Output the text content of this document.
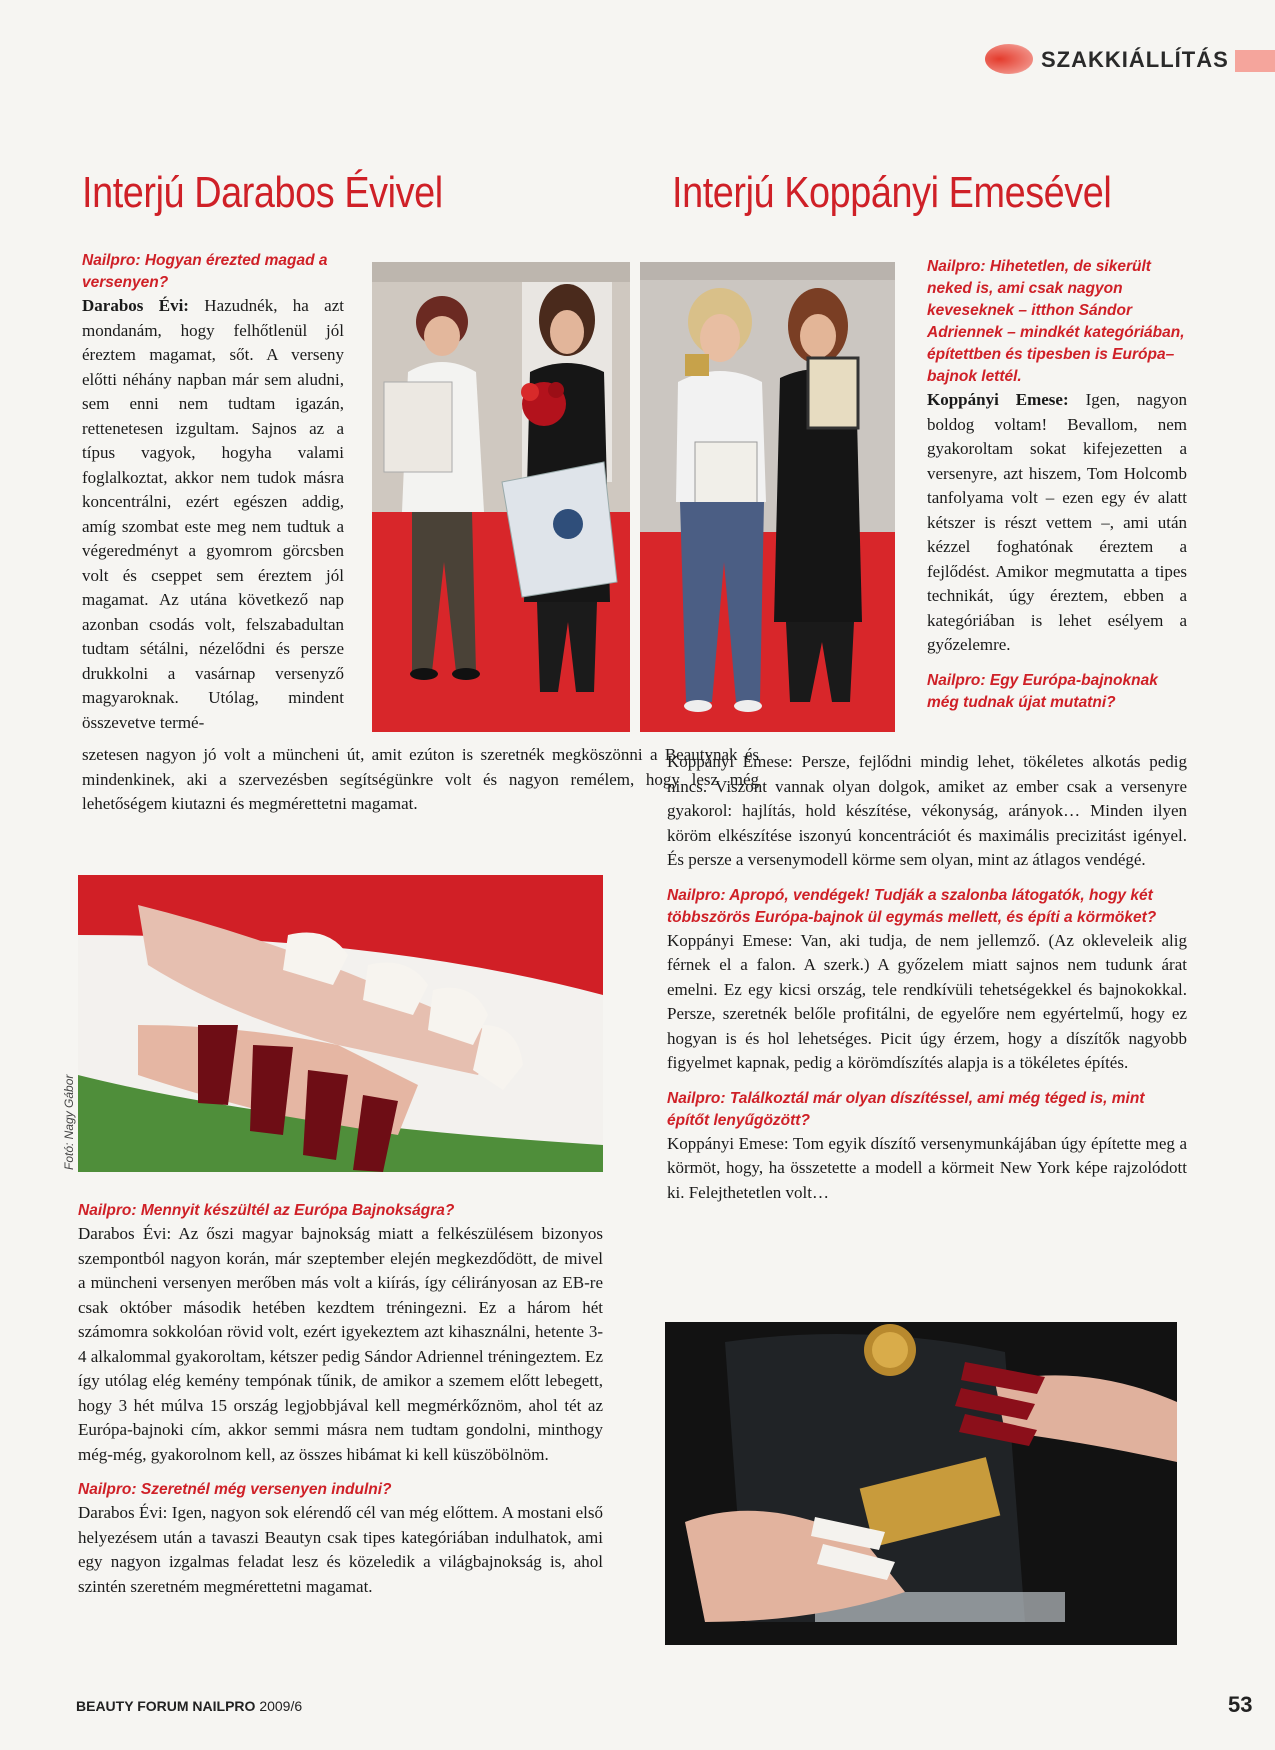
SZAKKIÁLLÍTÁS
Interjú Darabos Évivel	Interjú Koppányi Emesével

Nailpro: Hogyan érezted magad a versenyen?

Darabos Évi: Hazudnék, ha azt mondanám, hogy felhőtlenül jól éreztem magamat, sőt. A verseny előtti néhány napban már sem aludni, sem enni nem tudtam igazán, rettenetesen izgultam. Sajnos az a típus vagyok, hogyha valami foglalkoztat, akkor nem tudok másra koncentrálni, ezért egészen addig, amíg szombat este meg nem tudtuk a végeredményt a gyomrom görcsben volt és cseppet sem éreztem jól magamat. Az utána következő nap azonban csodás volt, felszabadultan tudtam sétálni, nézelődni és persze drukkolni a vasárnap versenyző magyaroknak. Utólag, mindent összevetve termé-

szetesen nagyon jó volt a müncheni út, amit ezúton is szeretnék megköszönni a Beautynak és mindenkinek, aki a szervezésben segítségünkre volt és nagyon remélem, hogy lesz még lehetőségem kiutazni és megmérettetni magamat.

Fotó: Nagy Gábor

Nailpro: Mennyit készültél az Európa Bajnokságra?

Darabos Évi: Az őszi magyar bajnokság miatt a felkészülésem bizonyos szempontból nagyon korán, már szeptember elején megkezdődött, de mivel a müncheni versenyen merőben más volt a kiírás, így célirányosan az EB-re csak október második hetében kezdtem tréningezni. Ez a három hét számomra sokkolóan rövid volt, ezért igyekeztem azt kihasználni, hetente 3-4 alkalommal gyakoroltam, kétszer pedig Sándor Adriennel tréningeztem. Ez így utólag elég kemény tempónak tűnik, de amikor a szemem előtt lebegett, hogy 3 hét múlva 15 ország legjobbjával kell megmérkőznöm, ahol tét az Európa-bajnoki cím, akkor semmi másra nem tudtam gondolni, minthogy még-még, gyakorolnom kell, az összes hibámat ki kell küszöbölnöm.

Nailpro: Szeretnél még versenyen indulni?

Darabos Évi: Igen, nagyon sok elérendő cél van még előttem. A mostani első helyezésem után a tavaszi Beautyn csak tipes kategóriában indulhatok, ami egy nagyon izgalmas feladat lesz és közeledik a világbajnokság is, ahol szintén szeretném megmérettetni magamat.

Nailpro: Hihetetlen, de sikerült neked is, ami csak nagyon keveseknek – itthon Sándor Adriennek – mindkét kategóriában, építettben és tipesben is Európa–bajnok lettél.

Koppányi Emese: Igen, nagyon boldog voltam! Bevallom, nem gyakoroltam sokat kifejezetten a versenyre, azt hiszem, Tom Holcomb tanfolyama volt – ezen egy év alatt kétszer is részt vettem –, ami után kézzel foghatónak éreztem a fejlődést. Amikor megmutatta a tipes technikát, úgy éreztem, ebben a kategóriában is lehet esélyem a győzelemre.

Nailpro: Egy Európa-bajnoknak még tudnak újat mutatni?

Koppányi Emese: Persze, fejlődni mindig lehet, tökéletes alkotás pedig nincs. Viszont vannak olyan dolgok, amiket az ember csak a versenyre gyakorol: hajlítás, hold készítése, vékonyság, arányok… Minden ilyen köröm elkészítése iszonyú koncentrációt és maximális precizitást igényel. És persze a versenymodell körme sem olyan, mint az átlagos vendégé.

Nailpro: Apropó, vendégek! Tudják a szalonba látogatók, hogy két többszörös Európa-bajnok ül egymás mellett, és építi a körmöket?

Koppányi Emese: Van, aki tudja, de nem jellemző. (Az okleveleik alig férnek el a falon. A szerk.) A győzelem miatt sajnos nem tudunk árat emelni. Ez egy kicsi ország, tele rendkívüli tehetségekkel és bajnokokkal. Persze, szeretnék belőle profitálni, de egyelőre nem egyértelmű, hogy ez hogyan is és hol lehetséges. Picit úgy érzem, hogy a díszítők nagyobb figyelmet kapnak, pedig a körömdíszítés alapja is a tökéletes építés.

Nailpro: Találkoztál már olyan díszítéssel, ami még téged is, mint építőt lenyűgözött?

Koppányi Emese: Tom egyik díszítő versenymunkájában úgy építette meg a körmöt, hogy, ha összetette a modell a körmeit New York képe rajzolódott ki. Felejthetetlen volt…

BEAUTY FORUM NAILPRO 2009/6	53
